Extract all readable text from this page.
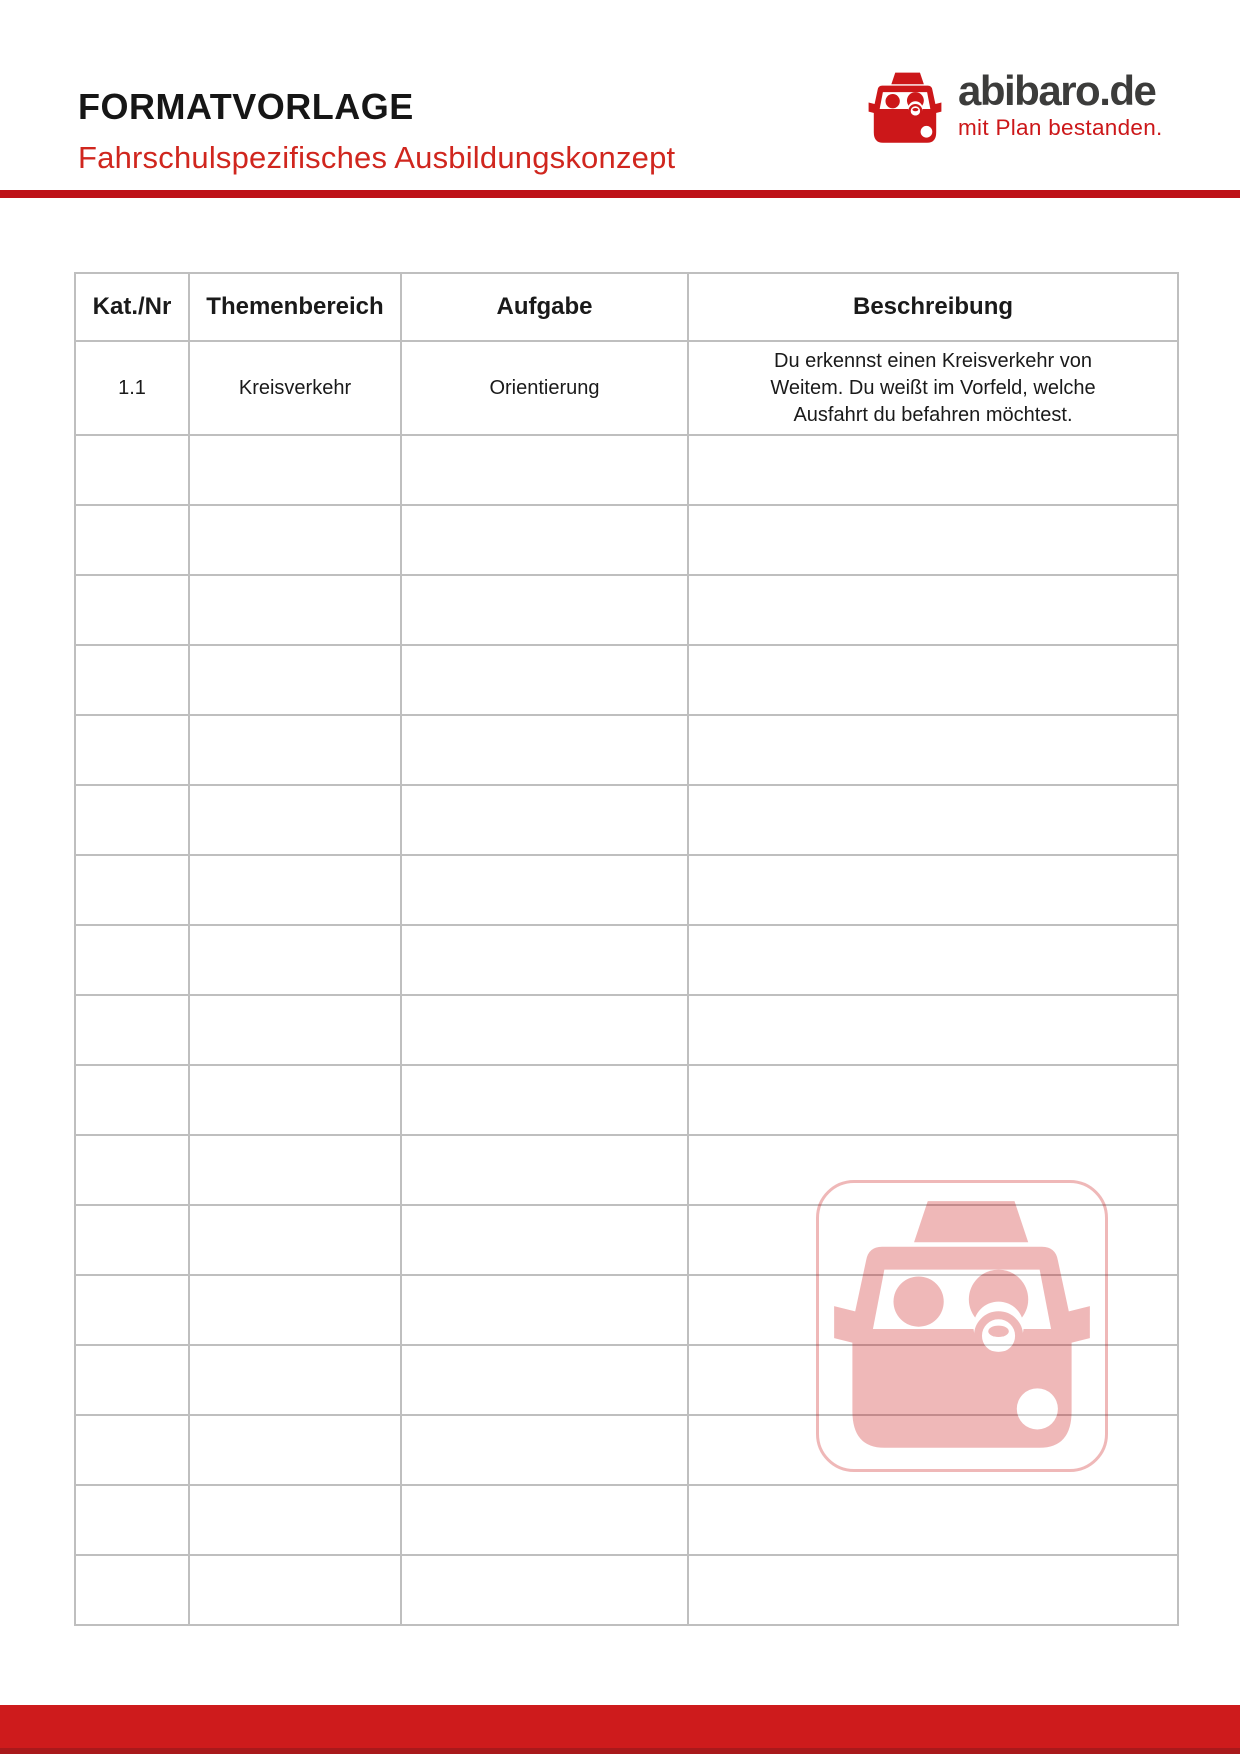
FORMATVORLAGE
Fahrschulspezifisches Ausbildungskonzept
abibaro.de
mit Plan bestanden.
Kat./Nr	Themenbereich	Aufgabe	Beschreibung
1.1	Kreisverkehr	Orientierung	Du erkennst einen Kreisverkehr von Weitem. Du weißt im Vorfeld, welche Ausfahrt du befahren möchtest.
